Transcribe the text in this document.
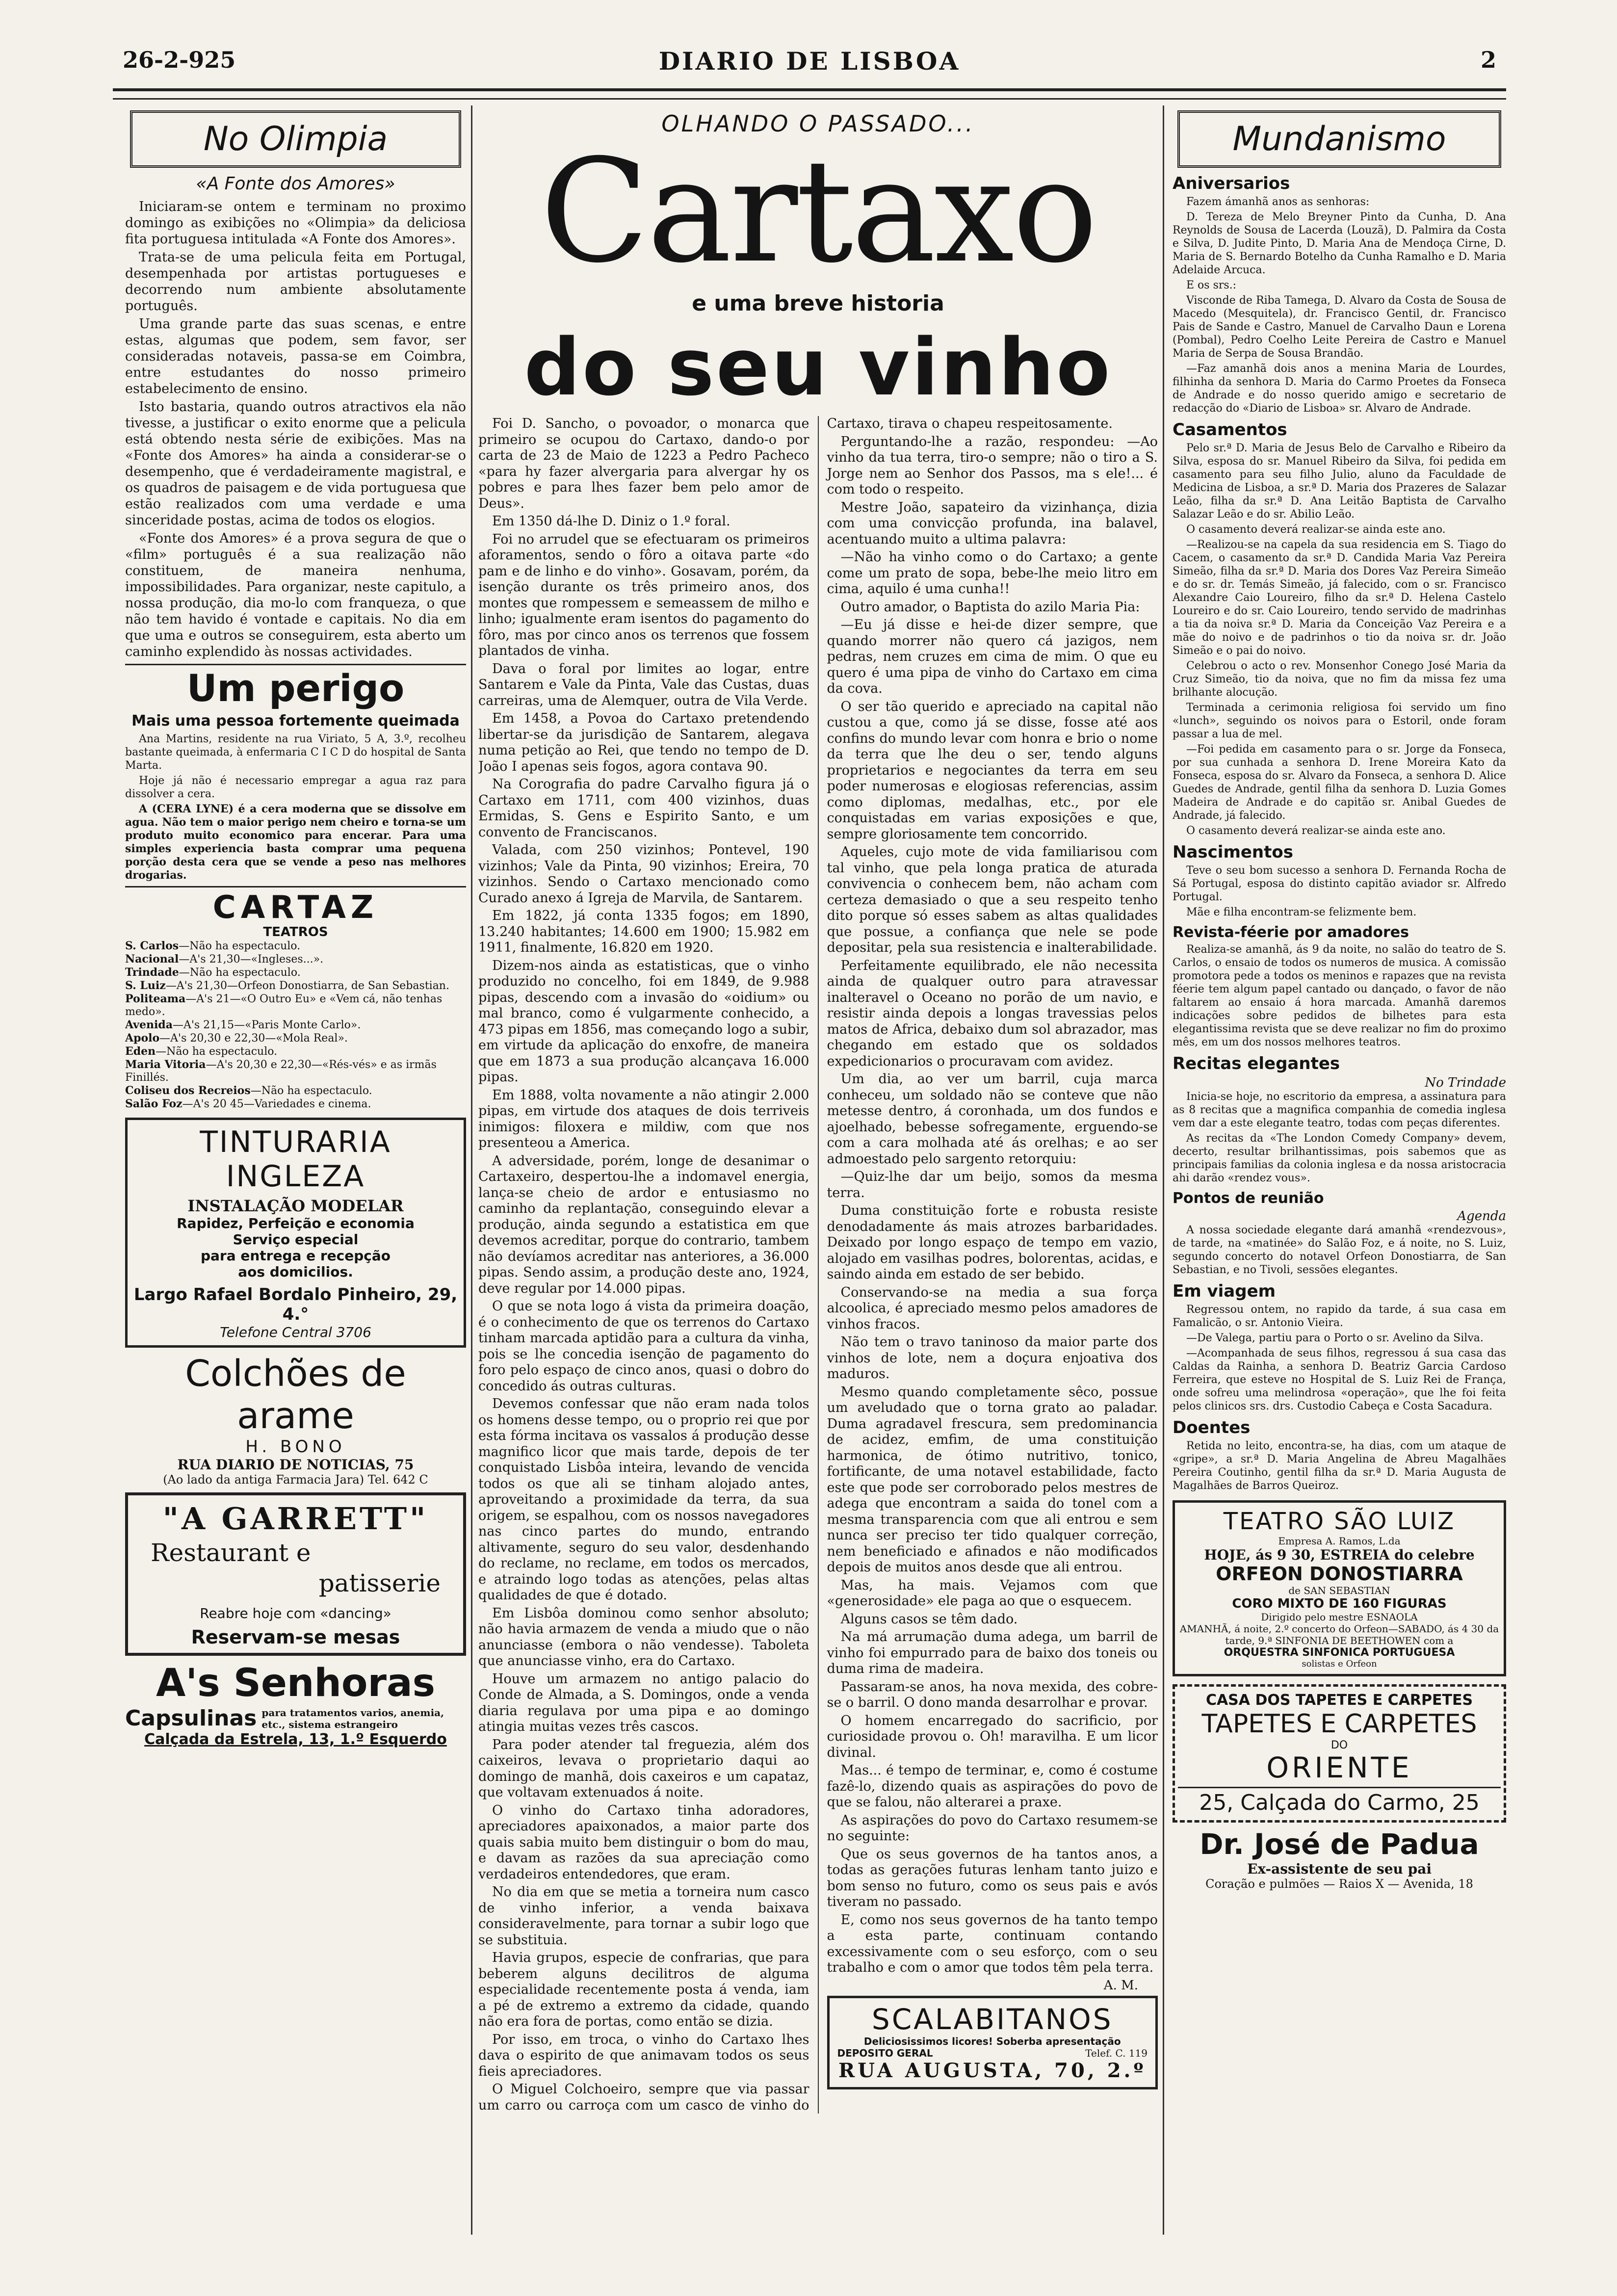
26-2-925	DIARIO DE LISBOA	2
No Olimpia
«A Fonte dos Amores»

Iniciaram-se ontem e terminam no proximo domingo as exibições no «Olimpia» da deliciosa fita portuguesa intitulada «A Fonte dos Amores».

Trata-se de uma pelicula feita em Portugal, desempenhada por artistas portugueses e decorrendo num ambiente absolutamente português.

Uma grande parte das suas scenas, e entre estas, algumas que podem, sem favor, ser consideradas notaveis, passa-se em Coimbra, entre estudantes do nosso primeiro estabelecimento de ensino.

Isto bastaria, quando outros atractivos ela não tivesse, a justificar o exito enorme que a pelicula está obtendo nesta série de exibições. Mas na «Fonte dos Amores» ha ainda a considerar-se o desempenho, que é verdadeiramente magistral, e os quadros de paisagem e de vida portuguesa que estão realizados com uma verdade e uma sinceridade postas, acima de todos os elogios.

«Fonte dos Amores» é a prova segura de que o «film» português é a sua realização não constituem, de maneira nenhuma, impossibilidades. Para organizar, neste capitulo, a nossa produção, dia mo-lo com franqueza, o que não tem havido é vontade e capitais. No dia em que uma e outros se conseguirem, esta aberto um caminho explendido às nossas actividades.

Um perigo
Mais uma pessoa fortemente queimada

Ana Martins, residente na rua Viriato, 5 A, 3.º, recolheu bastante queimada, à enfermaria C I C D do hospital de Santa Marta.

Hoje já não é necessario empregar a agua raz para dissolver a cera.

A (CERA LYNE) é a cera moderna que se dissolve em agua. Não tem o maior perigo nem cheiro e torna-se um produto muito economico para encerar. Para uma simples experiencia basta comprar uma pequena porção desta cera que se vende a peso nas melhores drogarias.

CARTAZ
TEATROS
S. Carlos—Não ha espectaculo.
Nacional—A's 21,30—«Ingleses...».
Trindade—Não ha espectaculo.
S. Luiz—A's 21,30—Orfeon Donostiarra, de San Sebastian.
Politeama—A's 21—«O Outro Eu» e «Vem cá, não tenhas medo».
Avenida—A's 21,15—«Paris Monte Carlo».
Apolo—A's 20,30 e 22,30—«Mola Real».
Eden—Não ha espectaculo.
Maria Vitoria—A's 20,30 e 22,30—«Rés-vés» e as irmãs Finillés.
Coliseu dos Recreios—Não ha espectaculo.
Salão Foz—A's 20 45—Variedades e cinema.
TINTURARIA INGLEZA
INSTALAÇÃO MODELAR
Rapidez, Perfeição e economia
Serviço especial
para entrega e recepção
aos domicilios.
Largo Rafael Bordalo Pinheiro, 29, 4.°
Telefone Central 3706
Colchões de arame
H. BONO
RUA DIARIO DE NOTICIAS, 75
(Ao lado da antiga Farmacia Jara) Tel. 642 C
"A GARRETT"
Restaurant e
patisserie
Reabre hoje com «dancing»
Reservam-se mesas
A's Senhoras
Capsulinas para tratamentos varios, anemia, etc., sistema estrangeiro
Calçada da Estrela, 13, 1.º Esquerdo
OLHANDO O PASSADO...
Cartaxo
e uma breve historia
do seu vinho

Foi D. Sancho, o povoador, o monarca que primeiro se ocupou do Cartaxo, dando-o por carta de 23 de Maio de 1223 a Pedro Pacheco «para hy fazer alvergaria para alvergar hy os pobres e para lhes fazer bem pelo amor de Deus».

Em 1350 dá-lhe D. Diniz o 1.º foral.

Foi no arrudel que se efectuaram os primeiros aforamentos, sendo o fôro a oitava parte «do pam e de linho e do vinho». Gosavam, porém, da isenção durante os três primeiro anos, dos montes que rompessem e semeassem de milho e linho; igualmente eram isentos do pagamento do fôro, mas por cinco anos os terrenos que fossem plantados de vinha.

Dava o foral por limites ao logar, entre Santarem e Vale da Pinta, Vale das Custas, duas carreiras, uma de Alemquer, outra de Vila Verde.

Em 1458, a Povoa do Cartaxo pretendendo libertar-se da jurisdição de Santarem, alegava numa petição ao Rei, que tendo no tempo de D. João I apenas seis fogos, agora contava 90.

Na Corografia do padre Carvalho figura já o Cartaxo em 1711, com 400 vizinhos, duas Ermidas, S. Gens e Espirito Santo, e um convento de Franciscanos.

Valada, com 250 vizinhos; Pontevel, 190 vizinhos; Vale da Pinta, 90 vizinhos; Ereira, 70 vizinhos. Sendo o Cartaxo mencionado como Curado anexo á Igreja de Marvila, de Santarem.

Em 1822, já conta 1335 fogos; em 1890, 13.240 habitantes; 14.600 em 1900; 15.982 em 1911, finalmente, 16.820 em 1920.

Dizem-nos ainda as estatisticas, que o vinho produzido no concelho, foi em 1849, de 9.988 pipas, descendo com a invasão do «oidium» ou mal branco, como é vulgarmente conhecido, a 473 pipas em 1856, mas começando logo a subir, em virtude da aplicação do enxofre, de maneira que em 1873 a sua produção alcançava 16.000 pipas.

Em 1888, volta novamente a não atingir 2.000 pipas, em virtude dos ataques de dois terriveis inimigos: filoxera e mildiw, com que nos presenteou a America.

A adversidade, porém, longe de desanimar o Cartaxeiro, despertou-lhe a indomavel energia, lança-se cheio de ardor e entusiasmo no caminho da replantação, conseguindo elevar a produção, ainda segundo a estatistica em que devemos acreditar, porque do contrario, tambem não devíamos acreditar nas anteriores, a 36.000 pipas. Sendo assim, a produção deste ano, 1924, deve regular por 14.000 pipas.

O que se nota logo á vista da primeira doação, é o conhecimento de que os terrenos do Cartaxo tinham marcada aptidão para a cultura da vinha, pois se lhe concedia isenção de pagamento do foro pelo espaço de cinco anos, quasi o dobro do concedido ás outras culturas.

Devemos confessar que não eram nada tolos os homens desse tempo, ou o proprio rei que por esta fórma incitava os vassalos á produção desse magnifico licor que mais tarde, depois de ter conquistado Lisbôa inteira, levando de vencida todos os que ali se tinham alojado antes, aproveitando a proximidade da terra, da sua origem, se espalhou, com os nossos navegadores nas cinco partes do mundo, entrando altivamente, seguro do seu valor, desdenhando do reclame, no reclame, em todos os mercados, e atraindo logo todas as atenções, pelas altas qualidades de que é dotado.

Em Lisbôa dominou como senhor absoluto; não havia armazem de venda a miudo que o não anunciasse (embora o não vendesse). Taboleta que anunciasse vinho, era do Cartaxo.

Houve um armazem no antigo palacio do Conde de Almada, a S. Domingos, onde a venda diaria regulava por uma pipa e ao domingo atingia muitas vezes três cascos.

Para poder atender tal freguezia, além dos caixeiros, levava o proprietario daqui ao domingo de manhã, dois caxeiros e um capataz, que voltavam extenuados á noite.

O vinho do Cartaxo tinha adoradores, apreciadores apaixonados, a maior parte dos quais sabia muito bem distinguir o bom do mau, e davam as razões da sua apreciação como verdadeiros entendedores, que eram.

No dia em que se metia a torneira num casco de vinho inferior, a venda baixava consideravelmente, para tornar a subir logo que se substituia.

Havia grupos, especie de confrarias, que para beberem alguns decilitros de alguma especialidade recentemente posta á venda, iam a pé de extremo a extremo da cidade, quando não era fora de portas, como então se dizia.

Por isso, em troca, o vinho do Cartaxo lhes dava o espirito de que animavam todos os seus fieis apreciadores.

O Miguel Colchoeiro, sempre que via passar um carro ou carroça com um casco de vinho do Cartaxo, tirava o chapeu respeitosamente.

Perguntando-lhe a razão, respondeu: —Ao vinho da tua terra, tiro-o sempre; não o tiro a S. Jorge nem ao Senhor dos Passos, ma s ele!... é com todo o respeito.

Mestre João, sapateiro da vizinhança, dizia com uma convicção profunda, ina balavel, acentuando muito a ultima palavra:

—Não ha vinho como o do Cartaxo; a gente come um prato de sopa, bebe-lhe meio litro em cima, aquilo é uma cunha!!

Outro amador, o Baptista do azilo Maria Pia:

—Eu já disse e hei-de dizer sempre, que quando morrer não quero cá jazigos, nem pedras, nem cruzes em cima de mim. O que eu quero é uma pipa de vinho do Cartaxo em cima da cova.

O ser tão querido e apreciado na capital não custou a que, como já se disse, fosse até aos confins do mundo levar com honra e brio o nome da terra que lhe deu o ser, tendo alguns proprietarios e negociantes da terra em seu poder numerosas e elogiosas referencias, assim como diplomas, medalhas, etc., por ele conquistadas em varias exposições e que, sempre gloriosamente tem concorrido.

Aqueles, cujo mote de vida familiarisou com tal vinho, que pela longa pratica de aturada convivencia o conhecem bem, não acham com certeza demasiado o que a seu respeito tenho dito porque só esses sabem as altas qualidades que possue, a confiança que nele se pode depositar, pela sua resistencia e inalterabilidade.

Perfeitamente equilibrado, ele não necessita ainda de qualquer outro para atravessar inalteravel o Oceano no porão de um navio, e resistir ainda depois a longas travessias pelos matos de Africa, debaixo dum sol abrazador, mas chegando em estado que os soldados expedicionarios o procuravam com avidez.

Um dia, ao ver um barril, cuja marca conheceu, um soldado não se conteve que não metesse dentro, á coronhada, um dos fundos e ajoelhado, bebesse sofregamente, erguendo-se com a cara molhada até ás orelhas; e ao ser admoestado pelo sargento retorquiu:

—Quiz-lhe dar um beijo, somos da mesma terra.

Duma constituição forte e robusta resiste denodadamente ás mais atrozes barbaridades. Deixado por longo espaço de tempo em vazio, alojado em vasilhas podres, bolorentas, acidas, e saindo ainda em estado de ser bebido.

Conservando-se na media a sua força alcoolica, é apreciado mesmo pelos amadores de vinhos fracos.

Não tem o travo taninoso da maior parte dos vinhos de lote, nem a doçura enjoativa dos maduros.

Mesmo quando completamente sêco, possue um aveludado que o torna grato ao paladar. Duma agradavel frescura, sem predominancia de acidez, emfim, de uma constituição harmonica, de ótimo nutritivo, tonico, fortificante, de uma notavel estabilidade, facto este que pode ser corroborado pelos mestres de adega que encontram a saida do tonel com a mesma transparencia com que ali entrou e sem nunca ser preciso ter tido qualquer correção, nem beneficiado e afinados e não modificados depois de muitos anos desde que ali entrou.

Mas, ha mais. Vejamos com que «generosidade» ele paga ao que o esquecem.

Alguns casos se têm dado.

Na má arrumação duma adega, um barril de vinho foi empurrado para de baixo dos toneis ou duma rima de madeira.

Passaram-se anos, ha nova mexida, des cobre-se o barril. O dono manda desarrolhar e provar.

O homem encarregado do sacrificio, por curiosidade provou o. Oh! maravilha. E um licor divinal.

Mas... é tempo de terminar, e, como é costume fazê-lo, dizendo quais as aspirações do povo de que se falou, não alterarei a praxe.

As aspirações do povo do Cartaxo resumem-se no seguinte:

Que os seus governos de ha tantos anos, a todas as gerações futuras lenham tanto juizo e bom senso no futuro, como os seus pais e avós tiveram no passado.

E, como nos seus governos de ha tanto tempo a esta parte, continuam contando excessivamente com o seu esforço, com o seu trabalho e com o amor que todos têm pela terra.

A. M.
SCALABITANOS
Deliciosissimos licores! Soberba apresentação
DEPOSITO GERAL	Telef. C. 119
RUA AUGUSTA, 70, 2.º
Mundanismo
Aniversarios

Fazem ámanhã anos as senhoras:

D. Tereza de Melo Breyner Pinto da Cunha, D. Ana Reynolds de Sousa de Lacerda (Louzã), D. Palmira da Costa e Silva, D. Judite Pinto, D. Maria Ana de Mendoça Cirne, D. Maria de S. Bernardo Botelho da Cunha Ramalho e D. Maria Adelaide Arcuca.

E os srs.:

Visconde de Riba Tamega, D. Alvaro da Costa de Sousa de Macedo (Mesquitela), dr. Francisco Gentil, dr. Francisco Pais de Sande e Castro, Manuel de Carvalho Daun e Lorena (Pombal), Pedro Coelho Leite Pereira de Castro e Manuel Maria de Serpa de Sousa Brandão.

—Faz amanhã dois anos a menina Maria de Lourdes, filhinha da senhora D. Maria do Carmo Proetes da Fonseca de Andrade e do nosso querido amigo e secretario de redacção do «Diario de Lisboa» sr. Alvaro de Andrade.

Casamentos

Pelo sr.ª D. Maria de Jesus Belo de Carvalho e Ribeiro da Silva, esposa do sr. Manuel Ribeiro da Silva, foi pedida em casamento para seu filho Julio, aluno da Faculdade de Medicina de Lisboa, a sr.ª D. Maria dos Prazeres de Salazar Leão, filha da sr.ª D. Ana Leitão Baptista de Carvalho Salazar Leão e do sr. Abilio Leão.

O casamento deverá realizar-se ainda este ano.

—Realizou-se na capela da sua residencia em S. Tiago do Cacem, o casamento da sr.ª D. Candida Maria Vaz Pereira Simeão, filha da sr.ª D. Maria dos Dores Vaz Pereira Simeão e do sr. dr. Temás Simeão, já falecido, com o sr. Francisco Alexandre Caio Loureiro, filho da sr.ª D. Helena Castelo Loureiro e do sr. Caio Loureiro, tendo servido de madrinhas a tia da noiva sr.ª D. Maria da Conceição Vaz Pereira e a mãe do noivo e de padrinhos o tio da noiva sr. dr. João Simeão e o pai do noivo.

Celebrou o acto o rev. Monsenhor Conego José Maria da Cruz Simeão, tio da noiva, que no fim da missa fez uma brilhante alocução.

Terminada a cerimonia religiosa foi servido um fino «lunch», seguindo os noivos para o Estoril, onde foram passar a lua de mel.

—Foi pedida em casamento para o sr. Jorge da Fonseca, por sua cunhada a senhora D. Irene Moreira Kato da Fonseca, esposa do sr. Alvaro da Fonseca, a senhora D. Alice Guedes de Andrade, gentil filha da senhora D. Luzia Gomes Madeira de Andrade e do capitão sr. Anibal Guedes de Andrade, já falecido.

O casamento deverá realizar-se ainda este ano.

Nascimentos

Teve o seu bom sucesso a senhora D. Fernanda Rocha de Sá Portugal, esposa do distinto capitão aviador sr. Alfredo Portugal.

Mãe e filha encontram-se felizmente bem.

Revista-féerie por amadores

Realiza-se amanhã, ás 9 da noite, no salão do teatro de S. Carlos, o ensaio de todos os numeros de musica. A comissão promotora pede a todos os meninos e rapazes que na revista féerie tem algum papel cantado ou dançado, o favor de não faltarem ao ensaio á hora marcada. Amanhã daremos indicações sobre pedidos de bilhetes para esta elegantissima revista que se deve realizar no fim do proximo mês, em um dos nossos melhores teatros.

Recitas elegantes
No Trindade

Inicia-se hoje, no escritorio da empresa, a assinatura para as 8 recitas que a magnifica companhia de comedia inglesa vem dar a este elegante teatro, todas com peças diferentes.

As recitas da «The London Comedy Company» devem, decerto, resultar brilhantissimas, pois sabemos que as principais familias da colonia inglesa e da nossa aristocracia ahi darão «rendez vous».

Pontos de reunião
Agenda

A nossa sociedade elegante dará amanhã «rendezvous», de tarde, na «matinée» do Salão Foz, e á noite, no S. Luiz, segundo concerto do notavel Orfeon Donostiarra, de San Sebastian, e no Tivoli, sessões elegantes.

Em viagem

Regressou ontem, no rapido da tarde, á sua casa em Famalicão, o sr. Antonio Vieira.

—De Valega, partiu para o Porto o sr. Avelino da Silva.

—Acompanhada de seus filhos, regressou á sua casa das Caldas da Rainha, a senhora D. Beatriz Garcia Cardoso Ferreira, que esteve no Hospital de S. Luiz Rei de França, onde sofreu uma melindrosa «operação», que lhe foi feita pelos clinicos srs. drs. Custodio Cabeça e Costa Sacadura.

Doentes

Retida no leito, encontra-se, ha dias, com um ataque de «gripe», a sr.ª D. Maria Angelina de Abreu Magalhães Pereira Coutinho, gentil filha da sr.ª D. Maria Augusta de Magalhães de Barros Queiroz.

TEATRO SÃO LUIZ
Empresa A. Ramos, L.da
HOJE, ás 9 30, ESTREIA do celebre
ORFEON DONOSTIARRA
de SAN SEBASTIAN
CORO MIXTO DE 160 FIGURAS
Dirigido pelo mestre ESNAOLA
AMANHÃ, á noite, 2.º concerto do Orfeon—SABADO, ás 4 30 da tarde, 9.ª SINFONIA DE BEETHOWEN com a
ORQUESTRA SINFONICA PORTUGUESA
solistas e Orfeon
CASA DOS TAPETES E CARPETES
TAPETES E CARPETES
DO
ORIENTE
25, Calçada do Carmo, 25
Dr. José de Padua
Ex-assistente de seu pai
Coração e pulmões — Raios X — Avenida, 18
